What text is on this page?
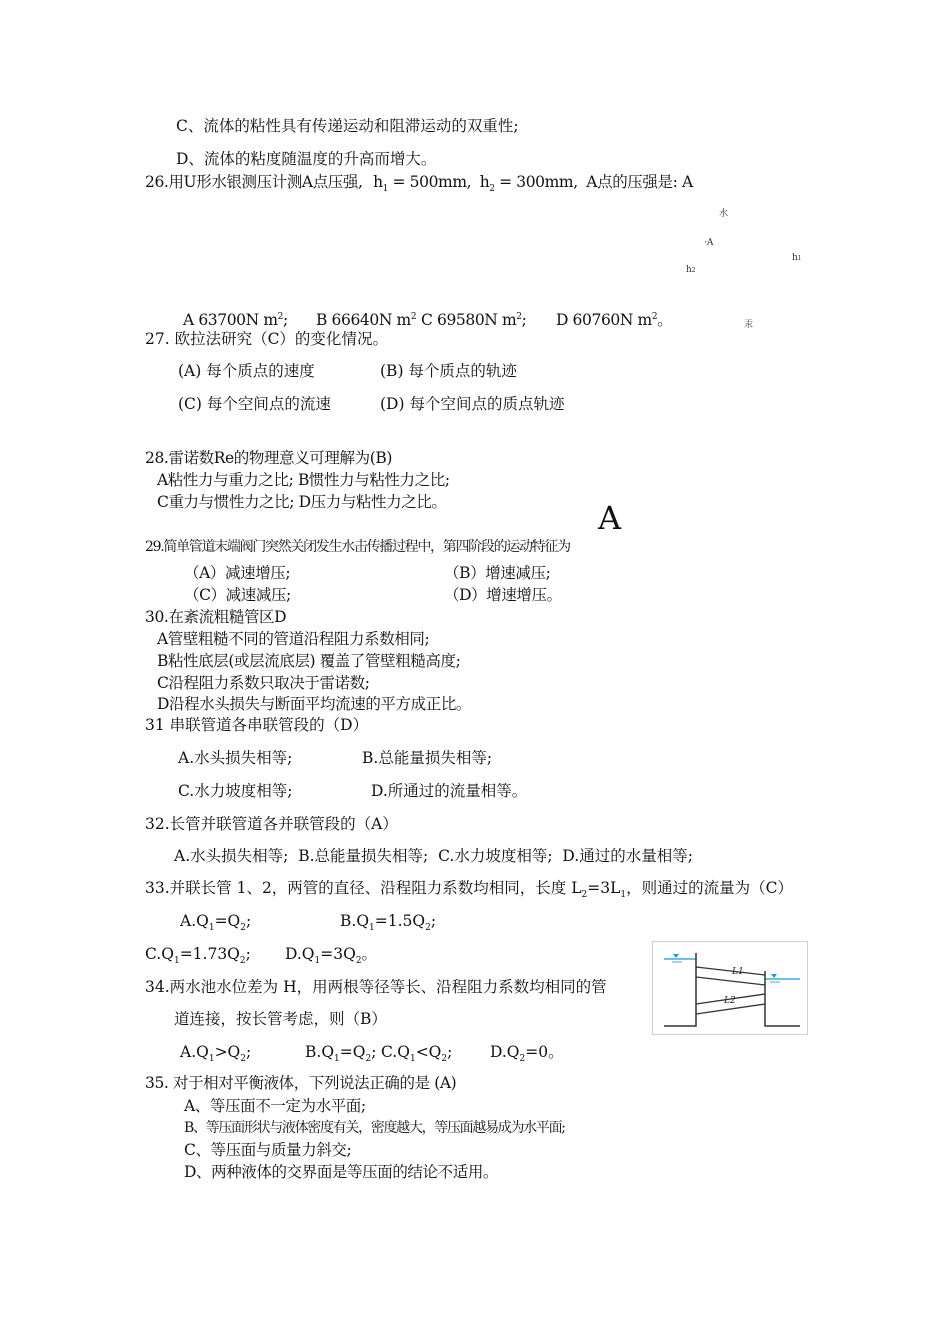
C、流体的粘性具有传递运动和阻滞运动的双重性;
D、流体的粘度随温度的升高而增大。
26.用U形水银测压计测A点压强, $h_1 = 500mm$, $h_2 = 300mm$, A点的压强是: A
水
·A
h2
h1
汞
A 63700N $m^2$; B 66640N $m^2$ C 69580N $m^2$; D 60760N $m^2$。
27. 欧拉法研究（C）的变化情况。
(A) 每个质点的速度	(B) 每个质点的轨迹
(C) 每个空间点的流速	(D) 每个空间点的质点轨迹
28.雷诺数Re的物理意义可理解为(B)
A粘性力与重力之比; B惯性力与粘性力之比;
C重力与惯性力之比; D压力与粘性力之比。	A
29.简单管道末端阀门突然关闭发生水击传播过程中，第四阶段的运动特征为
（A）减速增压;	（B）增速减压;
（C）减速减压;	（D）增速增压。
30.在紊流粗糙管区D
A管壁粗糙不同的管道沿程阻力系数相同;
B粘性底层(或层流底层) 覆盖了管壁粗糙高度;
C沿程阻力系数只取决于雷诺数;
D沿程水头损失与断面平均流速的平方成正比。
31 串联管道各串联管段的（D）
A.水头损失相等;	B.总能量损失相等;
C.水力坡度相等;	D.所通过的流量相等。
32.长管并联管道各并联管段的（A）
A.水头损失相等;  B.总能量损失相等;  C.水力坡度相等;  D.通过的水量相等;
33.并联长管 1、2，两管的直径、沿程阻力系数均相同，长度 $L_2=3L_1$，则通过的流量为（C）
$A.Q_1=Q_2$;	$B.Q_1=1.5Q_2$;
$C.Q_1=1.73Q_2$; $D.Q_1=3Q_2$。
34.两水池水位差为 H，用两根等径等长、沿程阻力系数均相同的管
道连接，按长管考虑，则（B）
$A.Q_1>Q_2$;	$B.Q_1=Q_2$; $C.Q_1<Q_2$; $D.Q_2=0$。
L1
L2
35. 对于相对平衡液体，下列说法正确的是 (A)
A、等压面不一定为水平面;
B、等压面形状与液体密度有关，密度越大，等压面越易成为水平面;
C、等压面与质量力斜交;
D、两种液体的交界面是等压面的结论不适用。
